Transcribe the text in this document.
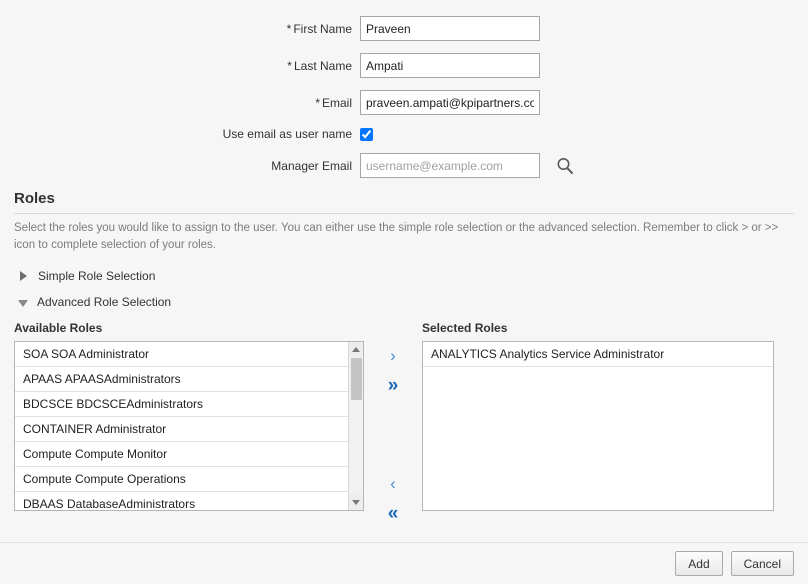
* First Name
Praveen
* Last Name
Ampati
* Email
praveen.ampati@kpipartners.co
Use email as user name
Manager Email
username@example.com
Roles
Select the roles you would like to assign to the user. You can either use the simple role selection or the advanced selection. Remember to click > or >> icon to complete selection of your roles.
Simple Role Selection
Advanced Role Selection
Available Roles
SOA SOA Administrator
APAAS APAASAdministrators
BDCSCE BDCSCEAdministrators
CONTAINER Administrator
Compute Compute Monitor
Compute Compute Operations
DBAAS DatabaseAdministrators
›
»
‹
«
Selected Roles
ANALYTICS Analytics Service Administrator
Add	Cancel
